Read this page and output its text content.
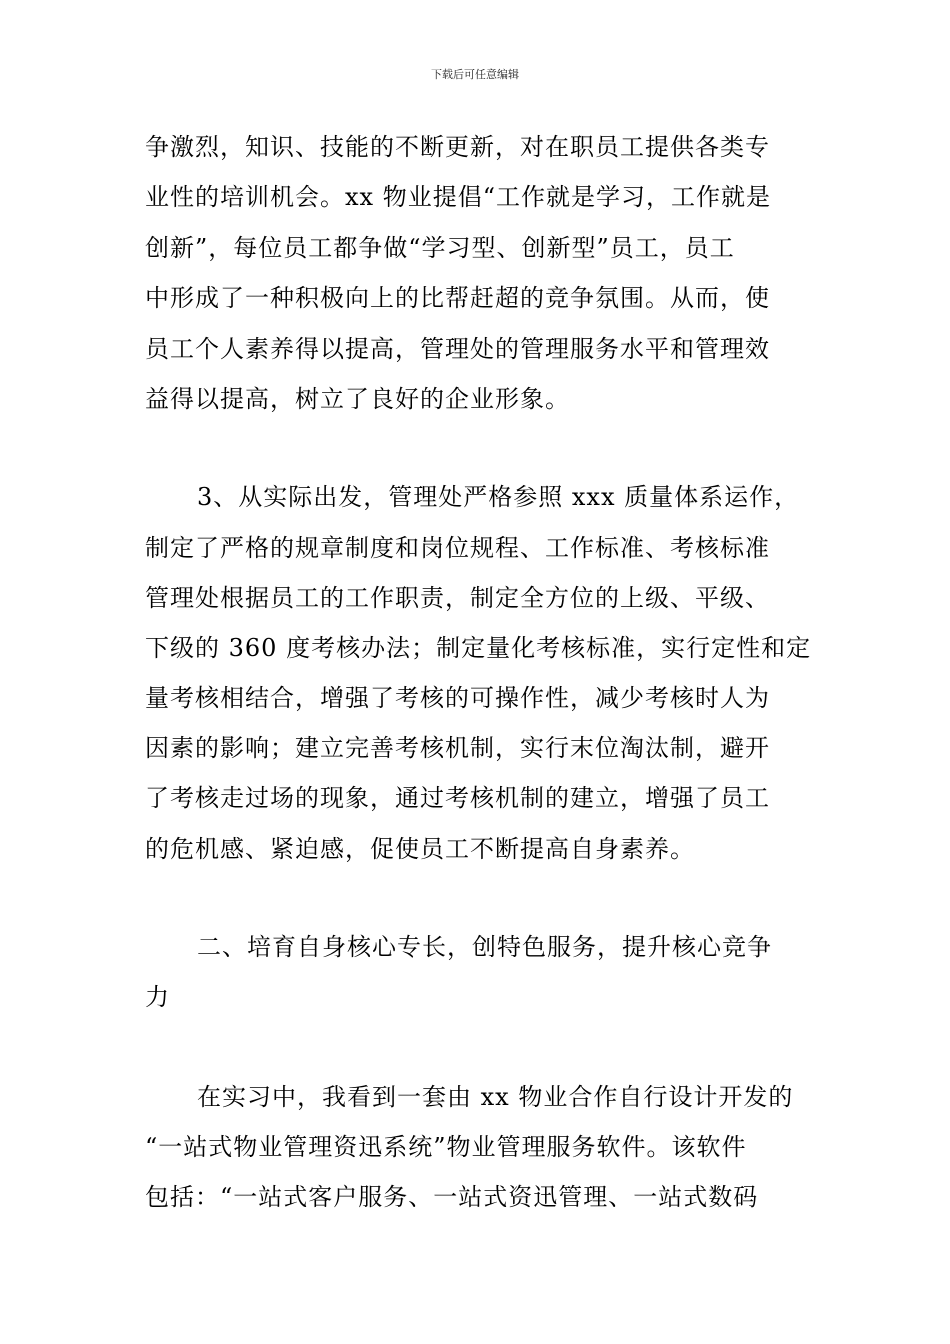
下载后可任意编辑
争激烈，知识、技能的不断更新，对在职员工提供各类专
业性的培训机会。xx 物业提倡“工作就是学习，工作就是
创新”，每位员工都争做“学习型、创新型”员工，员工
中形成了一种积极向上的比帮赶超的竞争氛围。从而，使
员工个人素养得以提高，管理处的管理服务水平和管理效
益得以提高，树立了良好的企业形象。
3、从实际出发，管理处严格参照 xxx 质量体系运作，
制定了严格的规章制度和岗位规程、工作标准、考核标准
管理处根据员工的工作职责，制定全方位的上级、平级、
下级的 360 度考核办法；制定量化考核标准，实行定性和定
量考核相结合，增强了考核的可操作性，减少考核时人为
因素的影响；建立完善考核机制，实行末位淘汰制，避开
了考核走过场的现象，通过考核机制的建立，增强了员工
的危机感、紧迫感，促使员工不断提高自身素养。
二、培育自身核心专长，创特色服务，提升核心竞争
力
在实习中，我看到一套由 xx 物业合作自行设计开发的
“一站式物业管理资迅系统”物业管理服务软件。该软件
包括：“一站式客户服务、一站式资迅管理、一站式数码
